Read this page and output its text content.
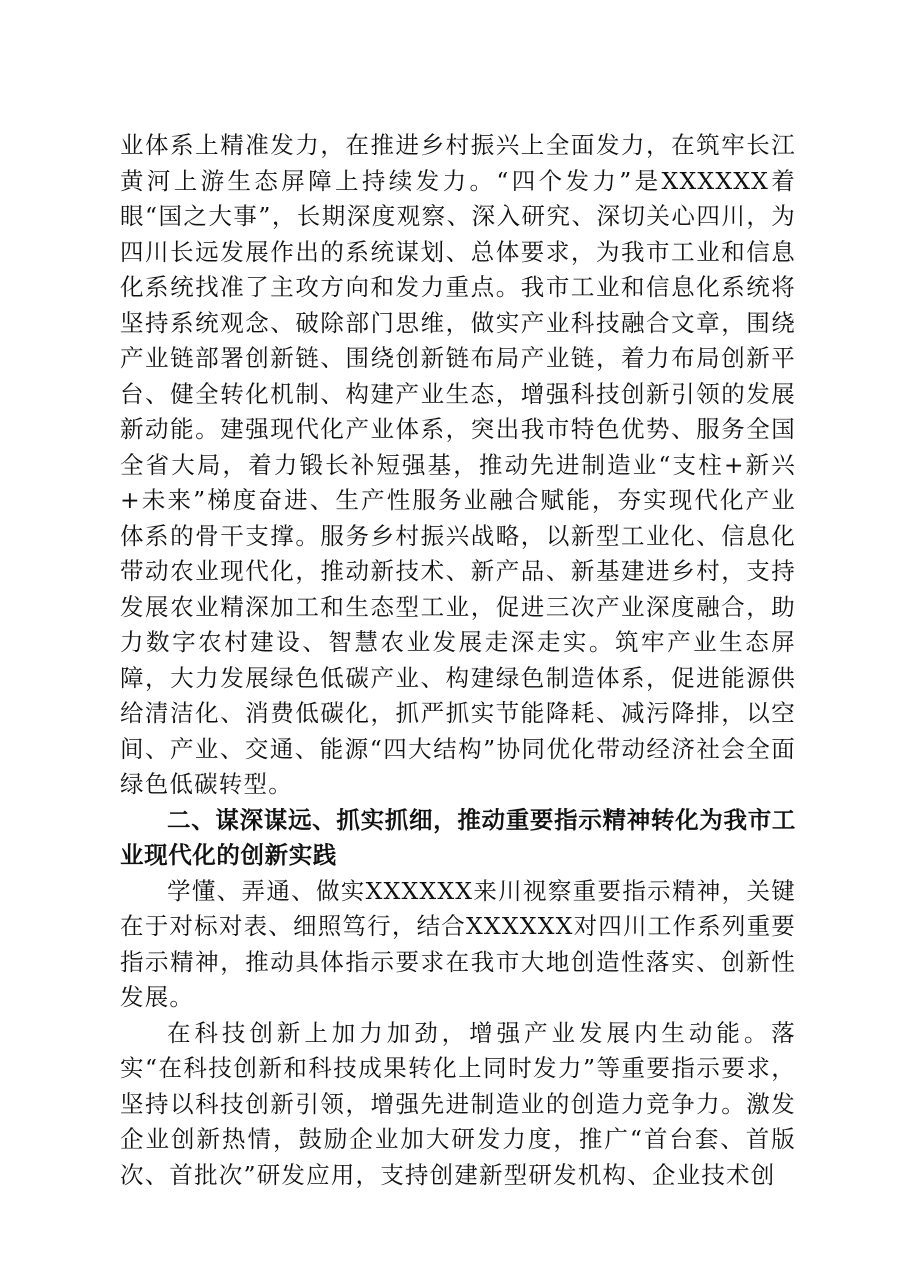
业体系上精准发力，在推进乡村振兴上全面发力，在筑牢长江黄河上游生态屏障上持续发力。“四个发力”是XXXXXX着眼“国之大事”，长期深度观察、深入研究、深切关心四川，为四川长远发展作出的系统谋划、总体要求，为我市工业和信息化系统找准了主攻方向和发力重点。我市工业和信息化系统将坚持系统观念、破除部门思维，做实产业科技融合文章，围绕产业链部署创新链、围绕创新链布局产业链，着力布局创新平台、健全转化机制、构建产业生态，增强科技创新引领的发展新动能。建强现代化产业体系，突出我市特色优势、服务全国全省大局，着力锻长补短强基，推动先进制造业“支柱+新兴+未来”梯度奋进、生产性服务业融合赋能，夯实现代化产业体系的骨干支撑。服务乡村振兴战略，以新型工业化、信息化带动农业现代化，推动新技术、新产品、新基建进乡村，支持发展农业精深加工和生态型工业，促进三次产业深度融合，助力数字农村建设、智慧农业发展走深走实。筑牢产业生态屏障，大力发展绿色低碳产业、构建绿色制造体系，促进能源供给清洁化、消费低碳化，抓严抓实节能降耗、减污降排，以空间、产业、交通、能源“四大结构”协同优化带动经济社会全面绿色低碳转型。

二、谋深谋远、抓实抓细，推动重要指示精神转化为我市工业现代化的创新实践

学懂、弄通、做实XXXXXX来川视察重要指示精神，关键在于对标对表、细照笃行，结合XXXXXX对四川工作系列重要指示精神，推动具体指示要求在我市大地创造性落实、创新性发展。

在科技创新上加力加劲，增强产业发展内生动能。落实“在科技创新和科技成果转化上同时发力”等重要指示要求，坚持以科技创新引领，增强先进制造业的创造力竞争力。激发企业创新热情，鼓励企业加大研发力度，推广“首台套、首版次、首批次”研发应用，支持创建新型研发机构、企业技术创
